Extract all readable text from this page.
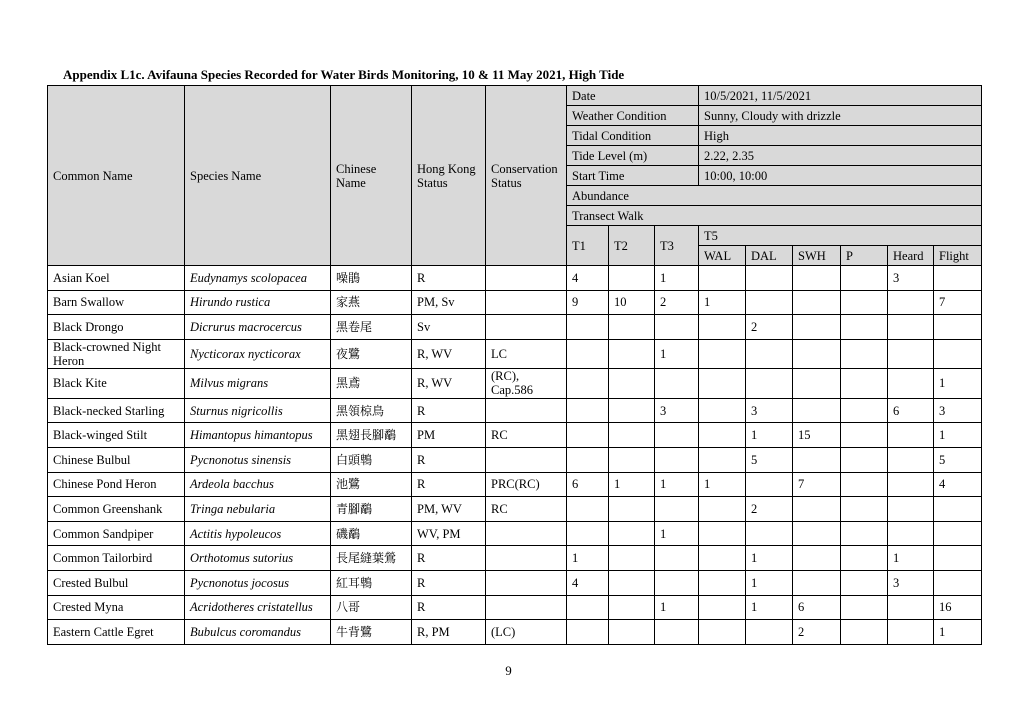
Appendix L1c. Avifauna Species Recorded for Water Birds Monitoring, 10 & 11 May 2021, High Tide
Common Name	Species Name	Chinese Name	Hong Kong Status	Conservation Status	Date			10/5/2021, 11/5/2021					
					Weather Condition			Sunny, Cloudy with drizzle					
					Tidal Condition			High					
					Tide Level (m)			2.22, 2.35					
					Start Time			10:00, 10:00					
					Abundance								
					Transect Walk								
					T1	T2	T3	T5					
								WAL	DAL	SWH	P	Heard	Flight
Asian Koel	Eudynamys scolopacea	噪鵑	R		4		1					3	
Barn Swallow	Hirundo rustica	家燕	PM, Sv		9	10	2	1					7
Black Drongo	Dicrurus macrocercus	黑卷尾	Sv						2				
Black-crowned Night Heron	Nycticorax nycticorax	夜鷺	R, WV	LC			1						
Black Kite	Milvus migrans	黑鳶	R, WV	(RC), Cap.586									1
Black-necked Starling	Sturnus nigricollis	黑領椋鳥	R				3		3			6	3
Black-winged Stilt	Himantopus himantopus	黑翅長腳鷸	PM	RC					1	15			1
Chinese Bulbul	Pycnonotus sinensis	白頭鵯	R						5				5
Chinese Pond Heron	Ardeola bacchus	池鷺	R	PRC(RC)	6	1	1	1		7			4
Common Greenshank	Tringa nebularia	青腳鷸	PM, WV	RC					2				
Common Sandpiper	Actitis hypoleucos	磯鷸	WV, PM				1						
Common Tailorbird	Orthotomus sutorius	長尾縫葉鶯	R		1				1			1	
Crested Bulbul	Pycnonotus jocosus	紅耳鵯	R		4				1			3	
Crested Myna	Acridotheres cristatellus	八哥	R				1		1	6			16
Eastern Cattle Egret	Bubulcus coromandus	牛背鷺	R, PM	(LC)						2			1
9
